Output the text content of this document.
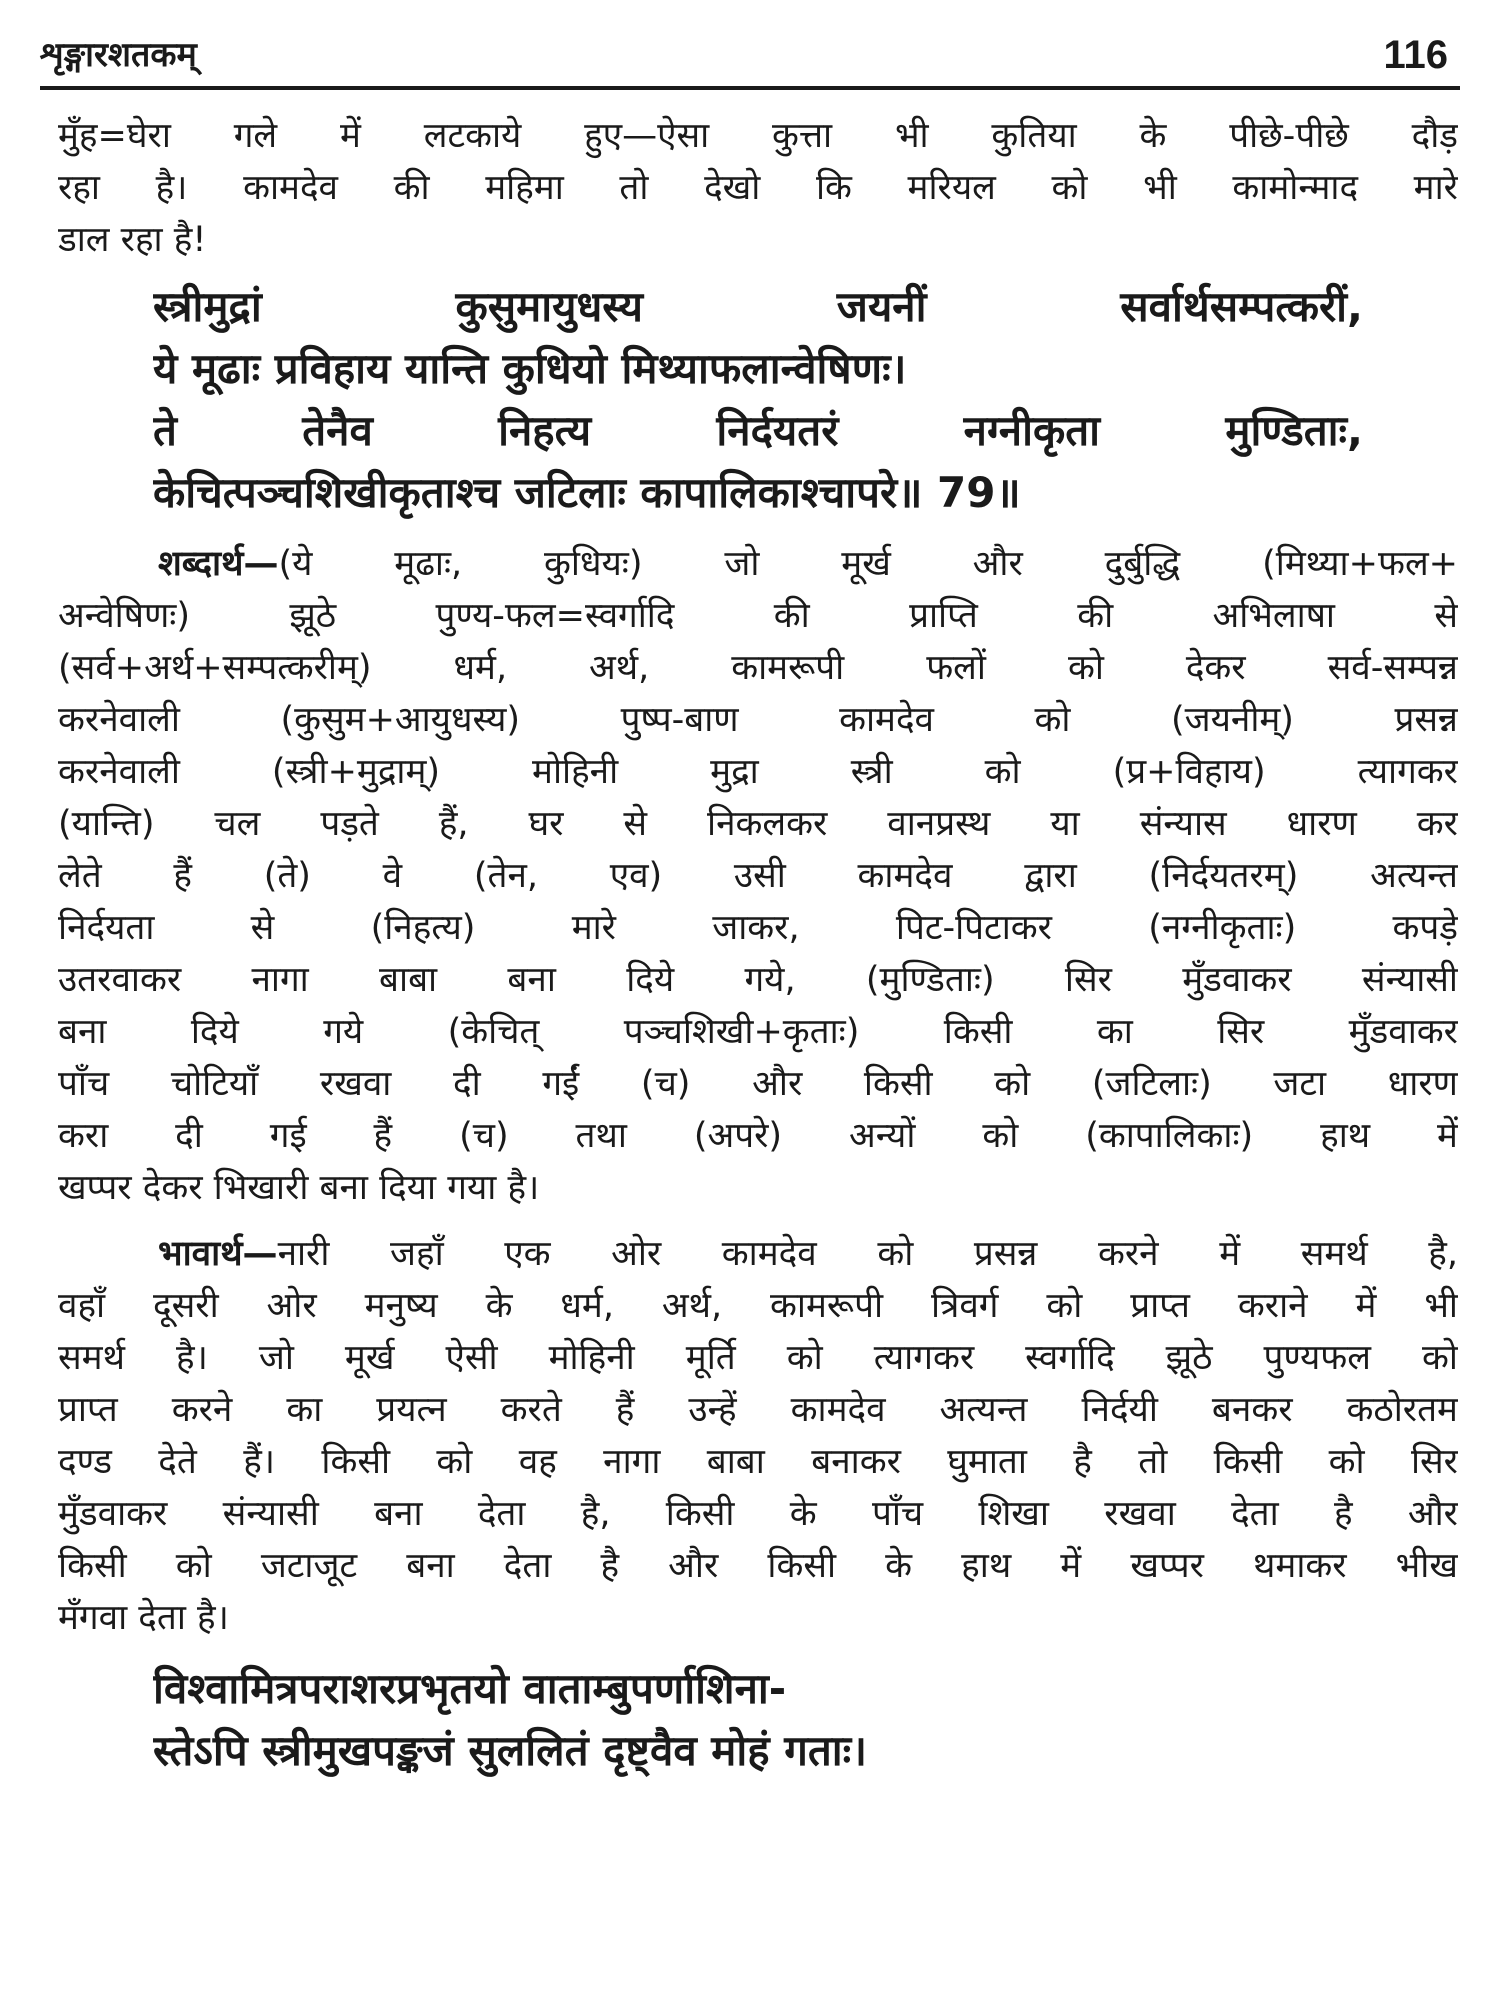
शृङ्गारशतकम्	116
मुँह=घेरा गले में लटकाये हुए—ऐसा कुत्ता भी कुतिया के पीछे-पीछे दौड़
रहा है। कामदेव की महिमा तो देखो कि मरियल को भी कामोन्माद मारे
डाल रहा है!
स्त्रीमुद्रां कुसुमायुधस्य जयनीं सर्वार्थसम्पत्करीं,
ये मूढाः प्रविहाय यान्ति कुधियो मिथ्याफलान्वेषिणः।
ते तेनैव निहत्य निर्दयतरं नग्नीकृता मुण्डिताः,
केचित्पञ्चशिखीकृताश्च जटिलाः कापालिकाश्चापरे॥ 79॥
शब्दार्थ—(ये मूढाः, कुधियः) जो मूर्ख और दुर्बुद्धि (मिथ्या+फल+
अन्वेषिणः) झूठे पुण्य-फल=स्वर्गादि की प्राप्ति की अभिलाषा से
(सर्व+अर्थ+सम्पत्करीम्) धर्म, अर्थ, कामरूपी फलों को देकर सर्व-सम्पन्न
करनेवाली (कुसुम+आयुधस्य) पुष्प-बाण कामदेव को (जयनीम्) प्रसन्न
करनेवाली (स्त्री+मुद्राम्) मोहिनी मुद्रा स्त्री को (प्र+विहाय) त्यागकर
(यान्ति) चल पड़ते हैं, घर से निकलकर वानप्रस्थ या संन्यास धारण कर
लेते हैं (ते) वे (तेन, एव) उसी कामदेव द्वारा (निर्दयतरम्) अत्यन्त
निर्दयता से (निहत्य) मारे जाकर, पिट-पिटाकर (नग्नीकृताः) कपड़े
उतरवाकर नागा बाबा बना दिये गये, (मुण्डिताः) सिर मुँडवाकर संन्यासी
बना दिये गये (केचित् पञ्चशिखी+कृताः) किसी का सिर मुँडवाकर
पाँच चोटियाँ रखवा दी गईं (च) और किसी को (जटिलाः) जटा धारण
करा दी गई हैं (च) तथा (अपरे) अन्यों को (कापालिकाः) हाथ में
खप्पर देकर भिखारी बना दिया गया है।
भावार्थ—नारी जहाँ एक ओर कामदेव को प्रसन्न करने में समर्थ है,
वहाँ दूसरी ओर मनुष्य के धर्म, अर्थ, कामरूपी त्रिवर्ग को प्राप्त कराने में भी
समर्थ है। जो मूर्ख ऐसी मोहिनी मूर्ति को त्यागकर स्वर्गादि झूठे पुण्यफल को
प्राप्त करने का प्रयत्न करते हैं उन्हें कामदेव अत्यन्त निर्दयी बनकर कठोरतम
दण्ड देते हैं। किसी को वह नागा बाबा बनाकर घुमाता है तो किसी को सिर
मुँडवाकर संन्यासी बना देता है, किसी के पाँच शिखा रखवा देता है और
किसी को जटाजूट बना देता है और किसी के हाथ में खप्पर थमाकर भीख
मँगवा देता है।
विश्वामित्रपराशरप्रभृतयो वाताम्बुपर्णाशिना-
स्तेऽपि स्त्रीमुखपङ्कजं सुललितं दृष्ट्वैव मोहं गताः।
